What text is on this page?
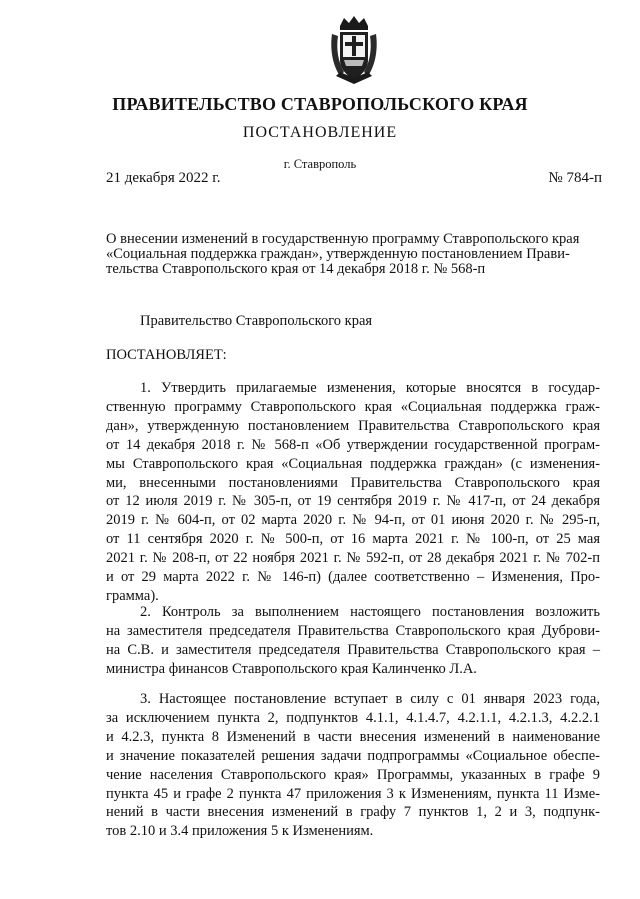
ПРАВИТЕЛЬСТВО СТАВРОПОЛЬСКОГО КРАЯ
ПОСТАНОВЛЕНИЕ
г. Ставрополь
21 декабря 2022 г.	№ 784-п
О внесении изменений в государственную программу Ставропольского края
«Социальная поддержка граждан», утвержденную постановлением Прави-
тельства Ставропольского края от 14 декабря 2018 г. № 568-п
Правительство Ставропольского края
ПОСТАНОВЛЯЕТ:
1. Утвердить прилагаемые изменения, которые вносятся в государ-
ственную программу Ставропольского края «Социальная поддержка граж-
дан», утвержденную постановлением Правительства Ставропольского края
от 14 декабря 2018 г. № 568-п «Об утверждении государственной програм-
мы Ставропольского края «Социальная поддержка граждан» (с изменения-
ми, внесенными постановлениями Правительства Ставропольского края
от 12 июля 2019 г. № 305-п, от 19 сентября 2019 г. № 417-п, от 24 декабря
2019 г. № 604-п, от 02 марта 2020 г. № 94-п, от 01 июня 2020 г. № 295-п,
от 11 сентября 2020 г. № 500-п, от 16 марта 2021 г. № 100-п, от 25 мая
2021 г. № 208-п, от 22 ноября 2021 г. № 592-п, от 28 декабря 2021 г. № 702-п
и от 29 марта 2022 г. № 146-п) (далее соответственно – Изменения, Про-
грамма).
2. Контроль за выполнением настоящего постановления возложить
на заместителя председателя Правительства Ставропольского края Дуброви-
на С.В. и заместителя председателя Правительства Ставропольского края –
министра финансов Ставропольского края Калинченко Л.А.
3. Настоящее постановление вступает в силу с 01 января 2023 года,
за исключением пункта 2, подпунктов 4.1.1, 4.1.4.7, 4.2.1.1, 4.2.1.3, 4.2.2.1
и 4.2.3, пункта 8 Изменений в части внесения изменений в наименование
и значение показателей решения задачи подпрограммы «Социальное обеспе-
чение населения Ставропольского края» Программы, указанных в графе 9
пункта 45 и графе 2 пункта 47 приложения 3 к Изменениям, пункта 11 Изме-
нений в части внесения изменений в графу 7 пунктов 1, 2 и 3, подпунк-
тов 2.10 и 3.4 приложения 5 к Изменениям.
